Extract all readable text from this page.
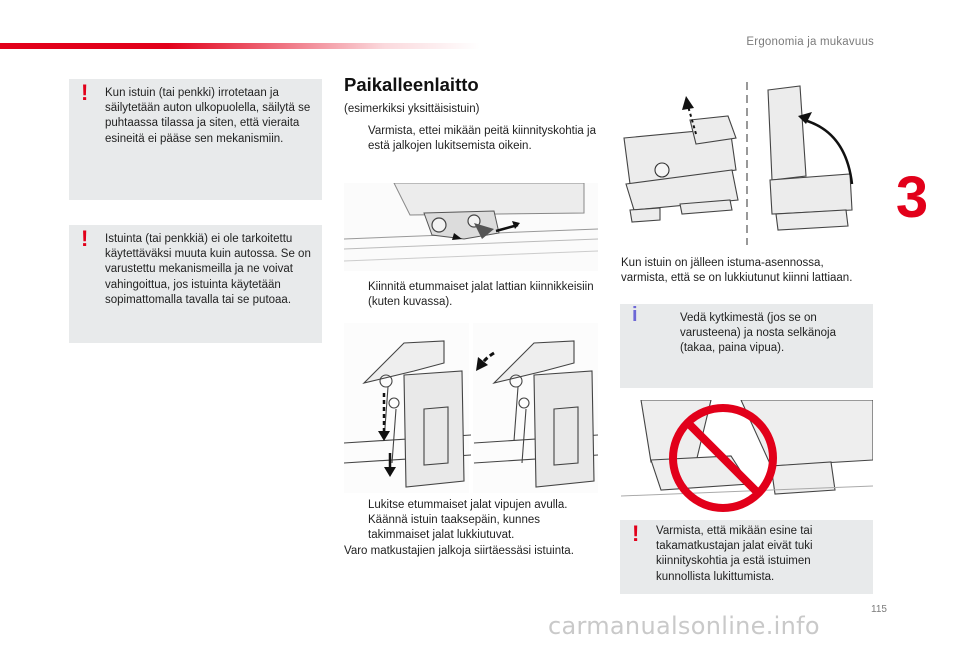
Ergonomia ja mukavuus
3
! Kun istuin (tai penkki) irrotetaan ja säilytetään auton ulkopuolella, säilytä se puhtaassa tilassa ja siten, että vieraita esineitä ei pääse sen mekanismiin.
! Istuinta (tai penkkiä) ei ole tarkoitettu käytettäväksi muuta kuin autossa. Se on varustettu mekanismeilla ja ne voivat vahingoittua, jos istuinta käytetään sopimattomalla tavalla tai se putoaa.
Paikalleenlaitto

(esimerkiksi yksittäisistuin)

Varmista, ettei mikään peitä kiinnityskohtia ja estä jalkojen lukitsemista oikein.
Kiinnitä etummaiset jalat lattian kiinnikkeisiin (kuten kuvassa).
Lukitse etummaiset jalat vipujen avulla.
Käännä istuin taaksepäin, kunnes takimmaiset jalat lukkiutuvat.

Varo matkustajien jalkoja siirtäessäsi istuinta.

Kun istuin on jälleen istuma-asennossa, varmista, että se on lukkiutunut kiinni lattiaan.

i	Vedä kytkimestä (jos se on varusteena) ja nosta selkänoja (takaa, paina vipua).
! Varmista, että mikään esine tai takamatkustajan jalat eivät tuki kiinnityskohtia ja estä istuimen kunnollista lukittumista.
115
carmanualsonline.info
